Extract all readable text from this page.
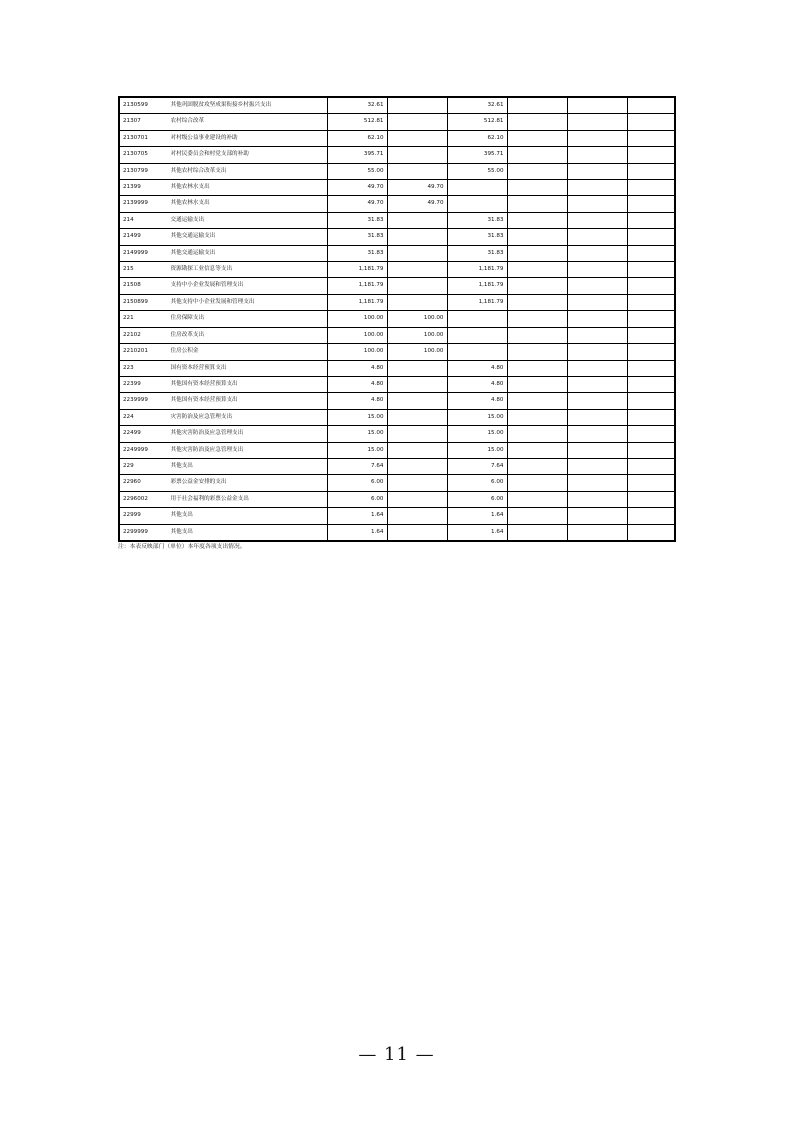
2130599	其他巩固脱贫攻坚成果衔接乡村振兴支出	32.61		32.61			
21307	农村综合改革	512.81		512.81			
2130701	对村级公益事业建设的补助	62.10		62.10			
2130705	对村民委员会和村党支部的补助	395.71		395.71			
2130799	其他农村综合改革支出	55.00		55.00			
21399	其他农林水支出	49.70	49.70				
2139999	其他农林水支出	49.70	49.70				
214	交通运输支出	31.83		31.83			
21499	其他交通运输支出	31.83		31.83			
2149999	其他交通运输支出	31.83		31.83			
215	资源勘探工业信息等支出	1,181.79		1,181.79			
21508	支持中小企业发展和管理支出	1,181.79		1,181.79			
2150899	其他支持中小企业发展和管理支出	1,181.79		1,181.79			
221	住房保障支出	100.00	100.00				
22102	住房改革支出	100.00	100.00				
2210201	住房公积金	100.00	100.00				
223	国有资本经营预算支出	4.80		4.80			
22399	其他国有资本经营预算支出	4.80		4.80			
2239999	其他国有资本经营预算支出	4.80		4.80			
224	灾害防治及应急管理支出	15.00		15.00			
22499	其他灾害防治及应急管理支出	15.00		15.00			
2249999	其他灾害防治及应急管理支出	15.00		15.00			
229	其他支出	7.64		7.64			
22960	彩票公益金安排的支出	6.00		6.00			
2296002	用于社会福利的彩票公益金支出	6.00		6.00			
22999	其他支出	1.64		1.64			
2299999	其他支出	1.64		1.64			
注：本表反映部门（单位）本年度各项支出情况。
— 11 —
